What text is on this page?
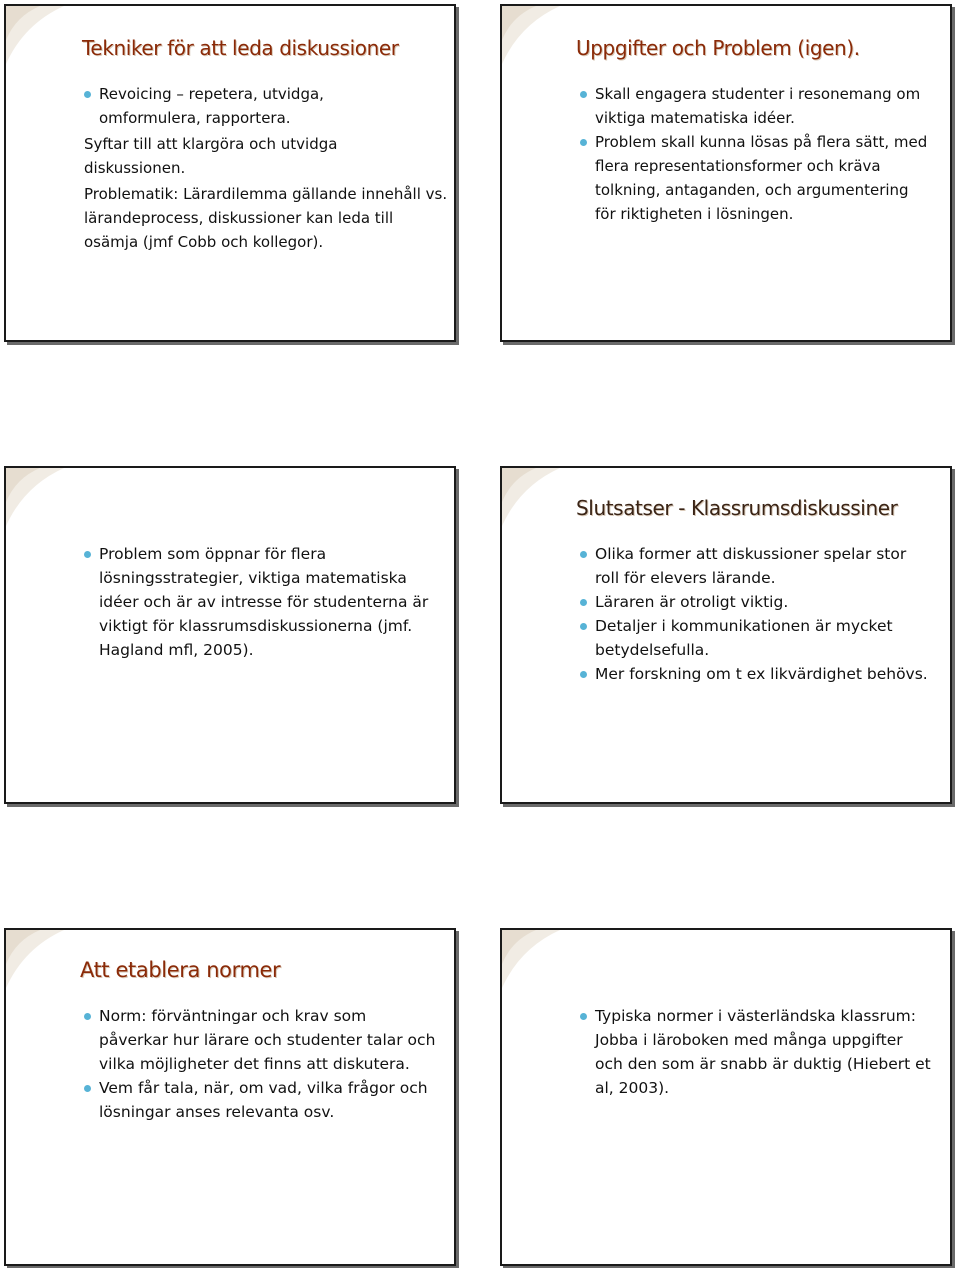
Tekniker för att leda diskussioner
Revoicing – repetera, utvidga, omformulera, rapportera.

Syftar till att klargöra och utvidga diskussionen.

Problematik: Lärardilemma gällande innehåll vs. lärandeprocess, diskussioner kan leda till osämja (jmf Cobb och kollegor).

Uppgifter och Problem (igen).
Skall engagera studenter i resonemang om viktiga matematiska idéer.
Problem skall kunna lösas på flera sätt, med flera representationsformer och kräva tolkning, antaganden, och argumentering för riktigheten i lösningen.
Problem som öppnar för flera lösningsstrategier, viktiga matematiska idéer och är av intresse för studenterna är viktigt för klassrumsdiskussionerna (jmf. Hagland mfl, 2005).
Slutsatser - Klassrumsdiskussiner
Olika former att diskussioner spelar stor roll för elevers lärande.
Läraren är otroligt viktig.
Detaljer i kommunikationen är mycket betydelsefulla.
Mer forskning om t ex likvärdighet behövs.
Att etablera normer
Norm: förväntningar och krav som påverkar hur lärare och studenter talar och vilka möjligheter det finns att diskutera.
Vem får tala, när, om vad, vilka frågor och lösningar anses relevanta osv.
Typiska normer i västerländska klassrum: Jobba i läroboken med många uppgifter och den som är snabb är duktig (Hiebert et al, 2003).
